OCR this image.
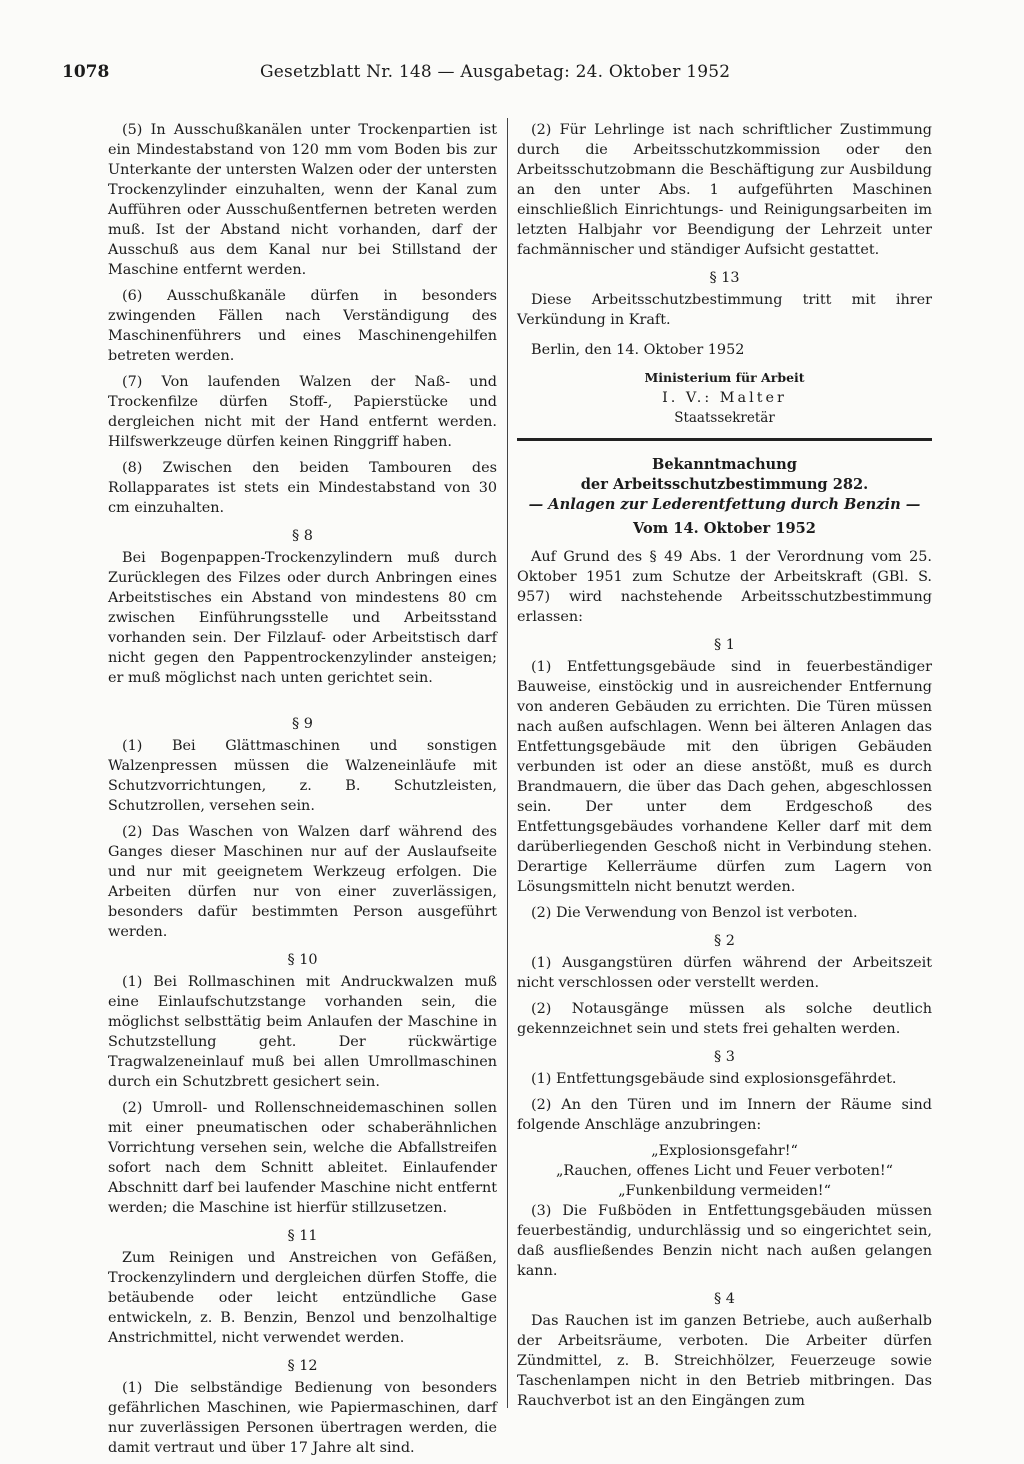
1078	Gesetzblatt Nr. 148 — Ausgabetag: 24. Oktober 1952

(5) In Ausschußkanälen unter Trockenpartien ist ein Mindestabstand von 120 mm vom Boden bis zur Unterkante der untersten Walzen oder der untersten Trockenzylinder einzuhalten, wenn der Kanal zum Aufführen oder Ausschußentfernen betreten werden muß. Ist der Abstand nicht vorhanden, darf der Ausschuß aus dem Kanal nur bei Stillstand der Maschine entfernt werden.

(6) Ausschußkanäle dürfen in besonders zwingenden Fällen nach Verständigung des Maschinenführers und eines Maschinengehilfen betreten werden.

(7) Von laufenden Walzen der Naß- und Trockenfilze dürfen Stoff-, Papierstücke und dergleichen nicht mit der Hand entfernt werden. Hilfswerkzeuge dürfen keinen Ringgriff haben.

(8) Zwischen den beiden Tambouren des Rollapparates ist stets ein Mindestabstand von 30 cm einzuhalten.

§ 8

Bei Bogenpappen-Trockenzylindern muß durch Zurücklegen des Filzes oder durch Anbringen eines Arbeitstisches ein Abstand von mindestens 80 cm zwischen Einführungsstelle und Arbeitsstand vorhanden sein. Der Filzlauf- oder Arbeitstisch darf nicht gegen den Pappentrockenzylinder ansteigen; er muß möglichst nach unten gerichtet sein.

§ 9

(1) Bei Glättmaschinen und sonstigen Walzenpressen müssen die Walzeneinläufe mit Schutzvorrichtungen, z. B. Schutzleisten, Schutzrollen, versehen sein.

(2) Das Waschen von Walzen darf während des Ganges dieser Maschinen nur auf der Auslaufseite und nur mit geeignetem Werkzeug erfolgen. Die Arbeiten dürfen nur von einer zuverlässigen, besonders dafür bestimmten Person ausgeführt werden.

§ 10

(1) Bei Rollmaschinen mit Andruckwalzen muß eine Einlaufschutzstange vorhanden sein, die möglichst selbsttätig beim Anlaufen der Maschine in Schutzstellung geht. Der rückwärtige Tragwalzeneinlauf muß bei allen Umrollmaschinen durch ein Schutzbrett gesichert sein.

(2) Umroll- und Rollenschneidemaschinen sollen mit einer pneumatischen oder schaberähnlichen Vorrichtung versehen sein, welche die Abfallstreifen sofort nach dem Schnitt ableitet. Einlaufender Abschnitt darf bei laufender Maschine nicht entfernt werden; die Maschine ist hierfür stillzusetzen.

§ 11

Zum Reinigen und Anstreichen von Gefäßen, Trockenzylindern und dergleichen dürfen Stoffe, die betäubende oder leicht entzündliche Gase entwickeln, z. B. Benzin, Benzol und benzolhaltige Anstrichmittel, nicht verwendet werden.

§ 12

(1) Die selbständige Bedienung von besonders gefährlichen Maschinen, wie Papiermaschinen, darf nur zuverlässigen Personen übertragen werden, die damit vertraut und über 17 Jahre alt sind.

(2) Für Lehrlinge ist nach schriftlicher Zustimmung durch die Arbeitsschutzkommission oder den Arbeitsschutzobmann die Beschäftigung zur Ausbildung an den unter Abs. 1 aufgeführten Maschinen einschließlich Einrichtungs- und Reinigungsarbeiten im letzten Halbjahr vor Beendigung der Lehrzeit unter fachmännischer und ständiger Aufsicht gestattet.

§ 13

Diese Arbeitsschutzbestimmung tritt mit ihrer Verkündung in Kraft.

Berlin, den 14. Oktober 1952

Ministerium für Arbeit

I. V.: Malter

Staatssekretär

Bekanntmachung

der Arbeitsschutzbestimmung 282.

— Anlagen zur Lederentfettung durch Benzin —

Vom 14. Oktober 1952

Auf Grund des § 49 Abs. 1 der Verordnung vom 25. Oktober 1951 zum Schutze der Arbeitskraft (GBl. S. 957) wird nachstehende Arbeitsschutzbestimmung erlassen:

§ 1

(1) Entfettungsgebäude sind in feuerbeständiger Bauweise, einstöckig und in ausreichender Entfernung von anderen Gebäuden zu errichten. Die Türen müssen nach außen aufschlagen. Wenn bei älteren Anlagen das Entfettungsgebäude mit den übrigen Gebäuden verbunden ist oder an diese anstößt, muß es durch Brandmauern, die über das Dach gehen, abgeschlossen sein. Der unter dem Erdgeschoß des Entfettungsgebäudes vorhandene Keller darf mit dem darüberliegenden Geschoß nicht in Verbindung stehen. Derartige Kellerräume dürfen zum Lagern von Lösungsmitteln nicht benutzt werden.

(2) Die Verwendung von Benzol ist verboten.

§ 2

(1) Ausgangstüren dürfen während der Arbeitszeit nicht verschlossen oder verstellt werden.

(2) Notausgänge müssen als solche deutlich gekennzeichnet sein und stets frei gehalten werden.

§ 3

(1) Entfettungsgebäude sind explosionsgefährdet.

(2) An den Türen und im Innern der Räume sind folgende Anschläge anzubringen:

„Explosionsgefahr!“

„Rauchen, offenes Licht und Feuer verboten!“

„Funkenbildung vermeiden!“

(3) Die Fußböden in Entfettungsgebäuden müssen feuerbeständig, undurchlässig und so eingerichtet sein, daß ausfließendes Benzin nicht nach außen gelangen kann.

§ 4

Das Rauchen ist im ganzen Betriebe, auch außerhalb der Arbeitsräume, verboten. Die Arbeiter dürfen Zündmittel, z. B. Streichhölzer, Feuerzeuge sowie Taschenlampen nicht in den Betrieb mitbringen. Das Rauchverbot ist an den Eingängen zum
